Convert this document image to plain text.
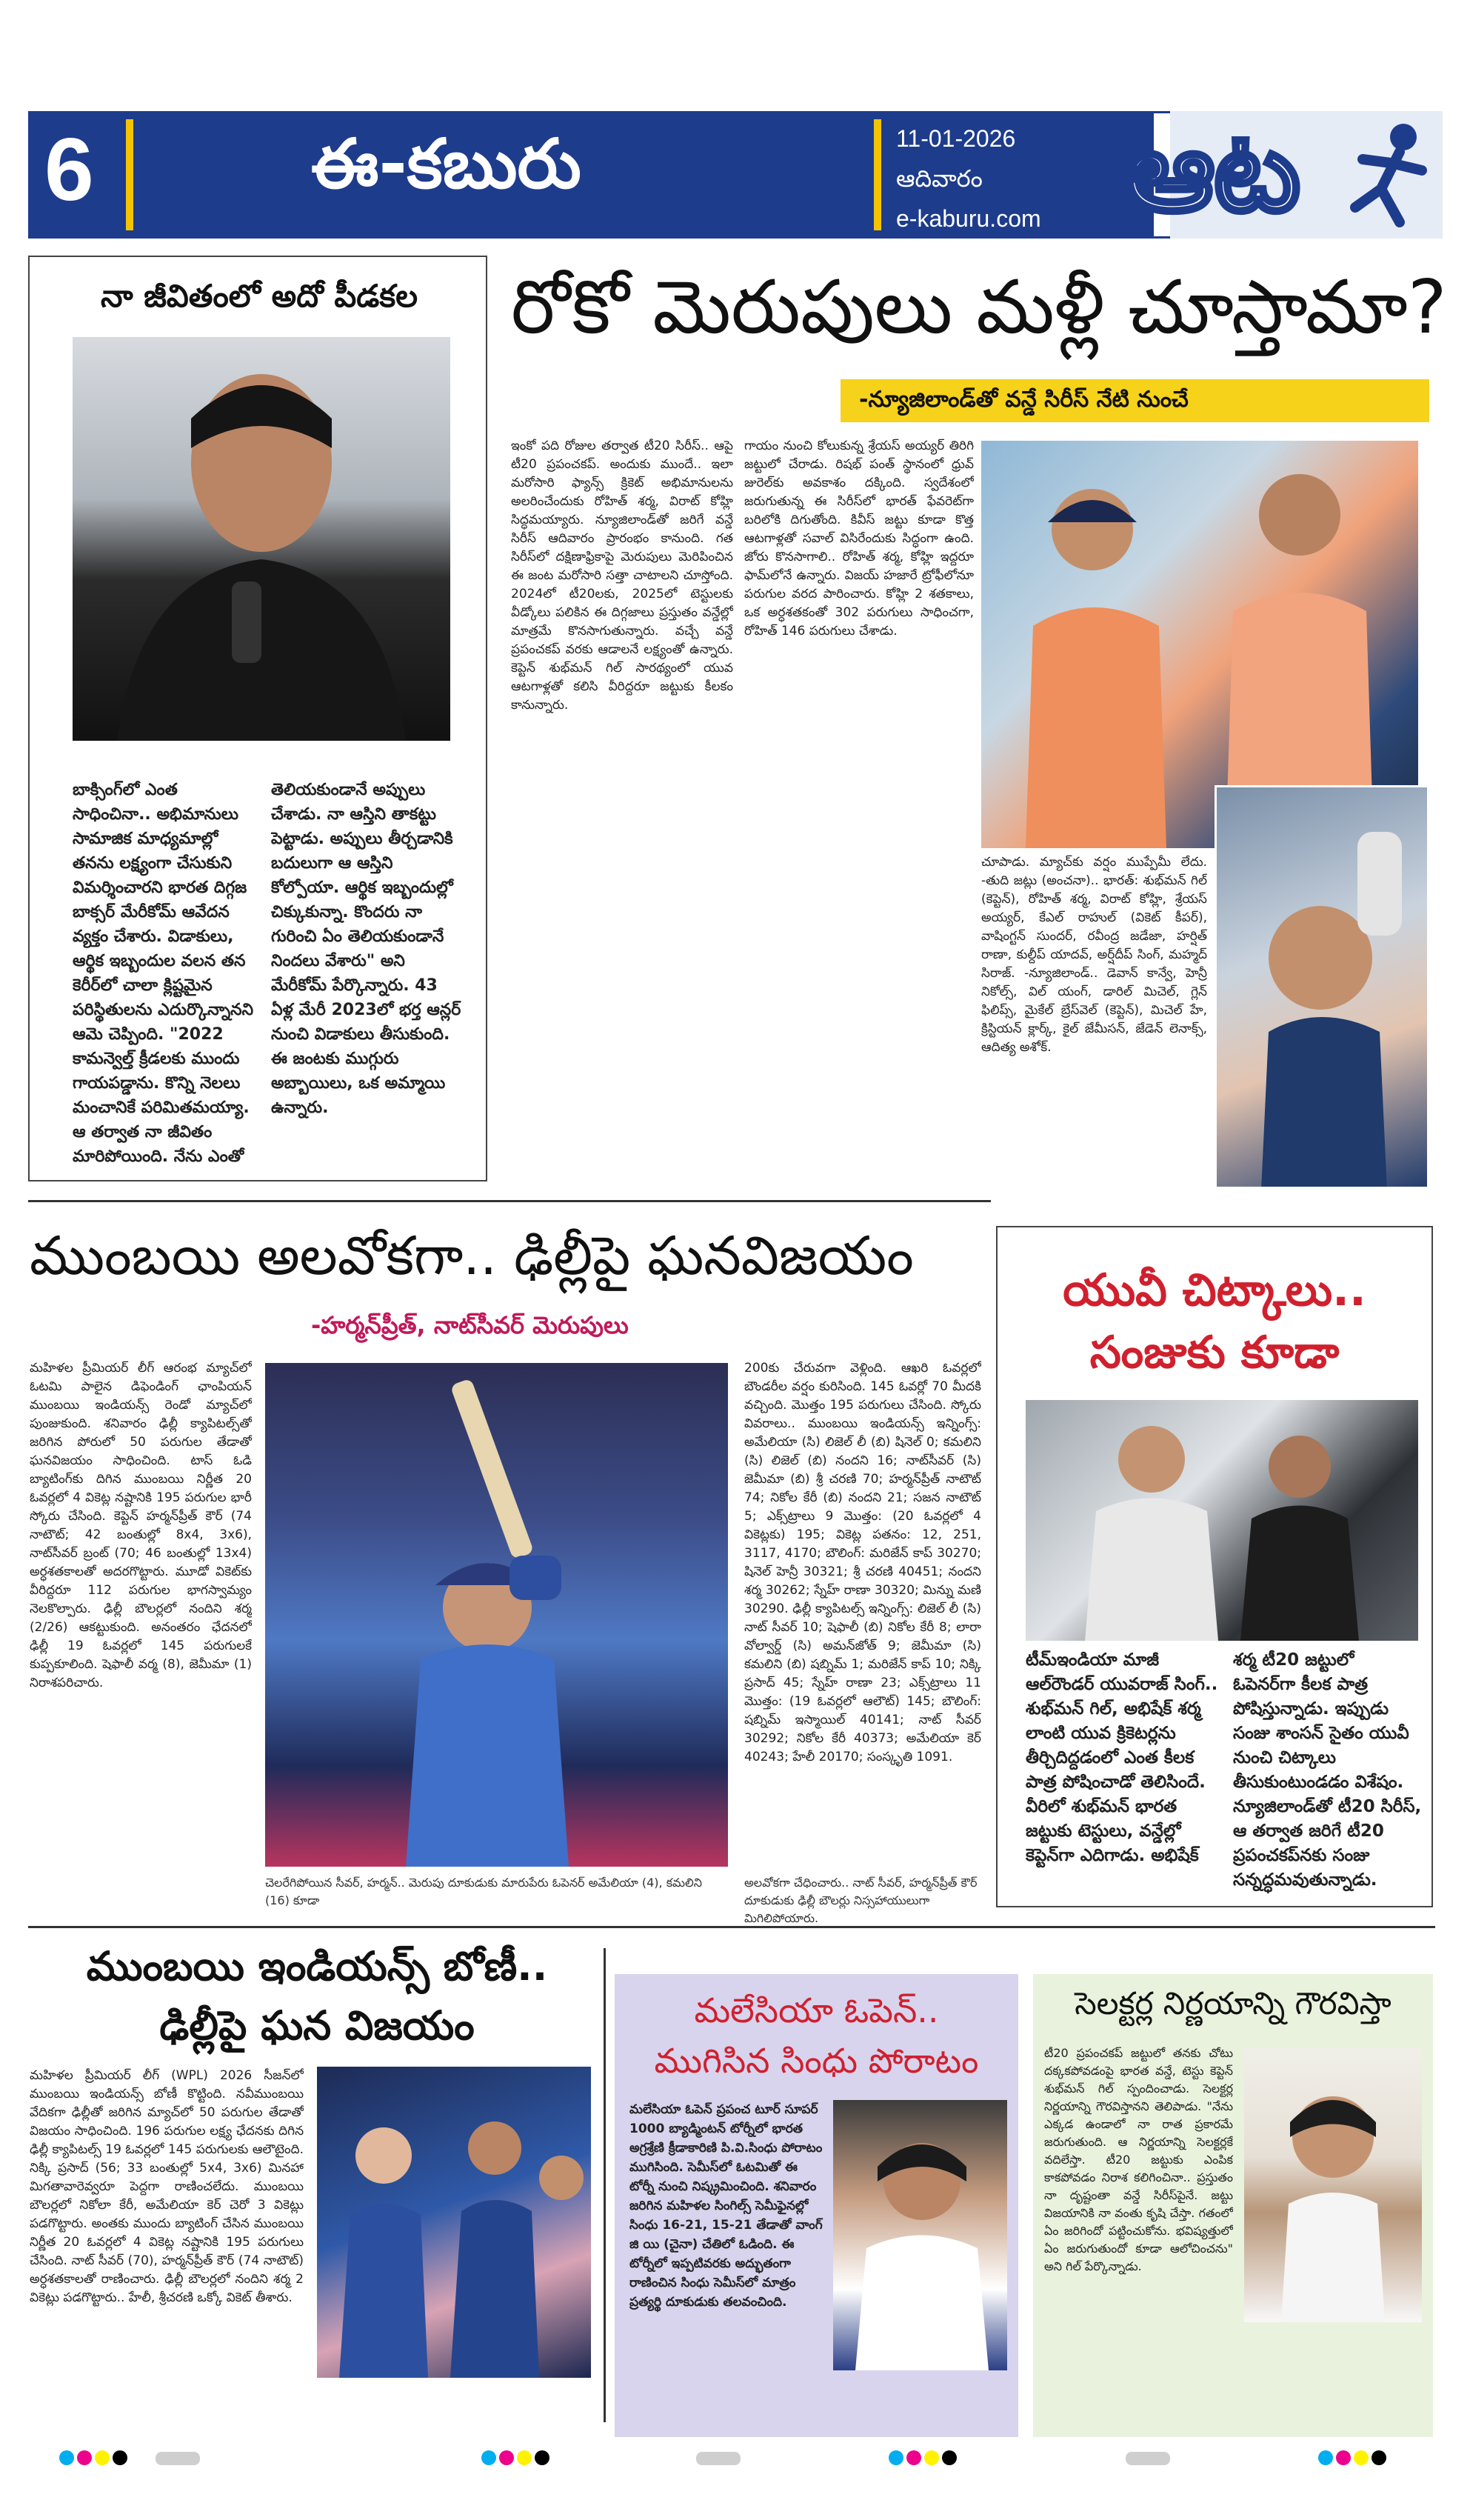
6	ఈ-కబురు	11-01-2026
ఆదివారం
e-kaburu.com ఆట
నా జీవితంలో అదో పీడకల
బాక్సింగ్‌లో ఎంత సాధించినా.. అభిమానులు సామాజిక మాధ్యమాల్లో తనను లక్ష్యంగా చేసుకుని విమర్శించారని భారత దిగ్గజ బాక్సర్ మేరీకోమ్ ఆవేదన వ్యక్తం చేశారు. విడాకులు, ఆర్థిక ఇబ్బందుల వలన తన కెరీర్‌లో చాలా క్లిష్టమైన పరిస్థితులను ఎదుర్కొన్నానని ఆమె చెప్పింది. "2022 కామన్వెల్త్ క్రీడలకు ముందు గాయపడ్డాను. కొన్ని నెలలు మంచానికే పరిమితమయ్యా. ఆ తర్వాత నా జీవితం మారిపోయింది. నేను ఎంతో
తెలియకుండానే అప్పులు చేశాడు. నా ఆస్తిని తాకట్టు పెట్టాడు. అప్పులు తీర్చడానికి బదులుగా ఆ ఆస్తిని కోల్పోయా. ఆర్థిక ఇబ్బందుల్లో చిక్కుకున్నా. కొందరు నా గురించి ఏం తెలియకుండానే నిందలు వేశారు" అని మేరీకోమ్ పేర్కొన్నారు. 43 ఏళ్ల మేరీ 2023లో భర్త ఆన్లర్ నుంచి విడాకులు తీసుకుంది. ఈ జంటకు ముగ్గురు అబ్బాయిలు, ఒక అమ్మాయి ఉన్నారు.
రోకో మెరుపులు మళ్లీ చూస్తామా?
-న్యూజిలాండ్‌తో వన్డే సిరీస్ నేటి నుంచే
ఇంకో పది రోజుల తర్వాత టీ20 సిరీస్.. ఆపై టీ20 ప్రపంచకప్. అందుకు ముందే.. ఇలా మరోసారి ఫ్యాన్స్ క్రికెట్ అభిమానులను అలరించేందుకు రోహిత్ శర్మ, విరాట్ కోహ్లి సిద్ధమయ్యారు. న్యూజిలాండ్‌తో జరిగే వన్డే సిరీస్ ఆదివారం ప్రారంభం కానుంది. గత సిరీస్‌లో దక్షిణాఫ్రికాపై మెరుపులు మెరిపించిన ఈ జంట మరోసారి సత్తా చాటాలని చూస్తోంది. 2024లో టీ20లకు, 2025లో టెస్టులకు వీడ్కోలు పలికిన ఈ దిగ్గజాలు ప్రస్తుతం వన్డేల్లో మాత్రమే కొనసాగుతున్నారు. వచ్చే వన్డే ప్రపంచకప్ వరకు ఆడాలనే లక్ష్యంతో ఉన్నారు. కెప్టెన్ శుభ్‌మన్ గిల్ సారథ్యంలో యువ ఆటగాళ్లతో కలిసి వీరిద్దరూ జట్టుకు కీలకం కానున్నారు.
గాయం నుంచి కోలుకున్న శ్రేయస్ అయ్యర్ తిరిగి జట్టులో చేరాడు. రిషభ్ పంత్ స్థానంలో ధ్రువ్ జురెల్‌కు అవకాశం దక్కింది. స్వదేశంలో జరుగుతున్న ఈ సిరీస్‌లో భారత్ ఫేవరెట్‌గా బరిలోకి దిగుతోంది. కివీస్ జట్టు కూడా కొత్త ఆటగాళ్లతో సవాల్ విసిరేందుకు సిద్ధంగా ఉంది. జోరు కొనసాగాలి.. రోహిత్ శర్మ, కోహ్లి ఇద్దరూ ఫామ్‌లోనే ఉన్నారు. విజయ్ హజారే ట్రోఫీలోనూ పరుగుల వరద పారించారు. కోహ్లి 2 శతకాలు, ఒక అర్ధశతకంతో 302 పరుగులు సాధించగా, రోహిత్ 146 పరుగులు చేశాడు.
చూపాడు. మ్యాచ్‌కు వర్షం ముప్పేమీ లేదు. -తుది జట్లు (అంచనా).. భారత్: శుభ్‌మన్ గిల్ (కెప్టెన్), రోహిత్ శర్మ, విరాట్ కోహ్లి, శ్రేయస్ అయ్యర్, కేఎల్ రాహుల్ (వికెట్ కీపర్), వాషింగ్టన్ సుందర్, రవీంద్ర జడేజా, హర్షిత్ రాణా, కుల్దీప్ యాదవ్, అర్ష్‌దీప్ సింగ్, మహ్మద్ సిరాజ్. -న్యూజిలాండ్.. డెవాన్ కాన్వే, హెన్రీ నికోల్స్, విల్ యంగ్, డారిల్ మిచెల్, గ్లెన్ ఫిలిప్స్, మైకేల్ బ్రేస్‌వెల్ (కెప్టెన్), మిచెల్ హే, క్రిస్టియన్ క్లార్క్, కైల్ జేమీసన్, జేడెన్ లెనాక్స్, ఆదిత్య అశోక్.
ముంబయి అలవోకగా.. ఢిల్లీపై ఘనవిజయం
-హర్మన్‌ప్రీత్, నాట్‌సీవర్ మెరుపులు
మహిళల ప్రీమియర్ లీగ్ ఆరంభ మ్యాచ్‌లో ఓటమి పాలైన డిఫెండింగ్ ఛాంపియన్ ముంబయి ఇండియన్స్ రెండో మ్యాచ్‌లో పుంజుకుంది. శనివారం ఢిల్లీ క్యాపిటల్స్‌తో జరిగిన పోరులో 50 పరుగుల తేడాతో ఘనవిజయం సాధించింది. టాస్ ఓడి బ్యాటింగ్‌కు దిగిన ముంబయి నిర్ణీత 20 ఓవర్లలో 4 వికెట్ల నష్టానికి 195 పరుగుల భారీ స్కోరు చేసింది. కెప్టెన్ హర్మన్‌ప్రీత్ కౌర్ (74 నాటౌట్; 42 బంతుల్లో 8x4, 3x6), నాట్‌సీవర్ బ్రంట్ (70; 46 బంతుల్లో 13x4) అర్ధశతకాలతో అదరగొట్టారు. మూడో వికెట్‌కు వీరిద్దరూ 112 పరుగుల భాగస్వామ్యం నెలకొల్పారు. ఢిల్లీ బౌలర్లలో నందిని శర్మ (2/26) ఆకట్టుకుంది. అనంతరం ఛేదనలో ఢిల్లీ 19 ఓవర్లలో 145 పరుగులకే కుప్పకూలింది. షెఫాలీ వర్మ (8), జెమీమా (1) నిరాశపరిచారు.
చెలరేగిపోయిన సీవర్, హర్మన్.. మెరుపు దూకుడుకు మారుపేరు ఓపెనర్ అమేలియా (4), కమలిని (16) కూడా
200కు చేరువగా వెళ్లింది. ఆఖరి ఓవర్లలో బౌండరీల వర్షం కురిసింది. 145 ఓవర్లో 70 మీదకి వచ్చింది. మొత్తం 195 పరుగులు చేసింది. స్కోరు వివరాలు.. ముంబయి ఇండియన్స్ ఇన్నింగ్స్: అమేలియా (సి) లిజెల్ లీ (బి) షినెల్ 0; కమలిని (సి) లిజెల్ (బి) నందని 16; నాట్‌సీవర్ (సి) జెమీమా (బి) శ్రీ చరణి 70; హర్మన్‌ప్రీత్ నాటౌట్ 74; నికోల కేరీ (బి) నందని 21; సజన నాటౌట్ 5; ఎక్స్‌ట్రాలు 9 మొత్తం: (20 ఓవర్లలో 4 వికెట్లకు) 195; వికెట్ల పతనం: 12, 251, 3117, 4170; బౌలింగ్: మరిజేన్ కాప్ 30270; షినెల్ హెన్రీ 30321; శ్రీ చరణి 40451; నందని శర్మ 30262; స్నేహ్ రాణా 30320; మిన్ను మణి 30290. ఢిల్లీ క్యాపిటల్స్ ఇన్నింగ్స్: లిజెల్ లీ (సి) నాట్ సీవర్ 10; షెఫాలీ (బి) నికోల కేరీ 8; లారా వోల్వార్డ్ (సి) అమన్‌జోత్ 9; జెమీమా (సి) కమలిని (బి) షబ్నిమ్ 1; మరిజేన్ కాప్ 10; నిక్కి ప్రసాద్ 45; స్నేహ్ రాణా 23; ఎక్స్‌ట్రాలు 11 మొత్తం: (19 ఓవర్లలో ఆలౌట్) 145; బౌలింగ్: షబ్నిమ్ ఇస్మాయిల్ 40141; నాట్ సీవర్ 30292; నికోల కేరీ 40373; అమేలియా కెర్ 40243; హేలీ 20170; సంస్కృతి 1091.
అలవోకగా చేధించారు.. నాట్ సీవర్, హర్మన్‌ప్రీత్ కౌర్ దూకుడుకు ఢిల్లీ బౌలర్లు నిస్సహాయులుగా మిగిలిపోయారు.
యువీ చిట్కాలు..
సంజుకు కూడా
టీమ్‌ఇండియా మాజీ ఆల్‌రౌండర్ యువరాజ్ సింగ్.. శుభ్‌మన్ గిల్, అభిషేక్ శర్మ లాంటి యువ క్రికెటర్లను తీర్చిదిద్దడంలో ఎంత కీలక పాత్ర పోషించాడో తెలిసిందే. వీరిలో శుభ్‌మన్ భారత జట్టుకు టెస్టులు, వన్డేల్లో కెప్టెన్‌గా ఎదిగాడు. అభిషేక్
శర్మ టీ20 జట్టులో ఓపెనర్‌గా కీలక పాత్ర పోషిస్తున్నాడు. ఇప్పుడు సంజు శాంసన్ సైతం యువీ నుంచి చిట్కాలు తీసుకుంటుండడం విశేషం. న్యూజిలాండ్‌తో టీ20 సిరీస్, ఆ తర్వాత జరిగే టీ20 ప్రపంచకప్‌నకు సంజు సన్నద్ధమవుతున్నాడు.
ముంబయి ఇండియన్స్ బోణీ..
ఢిల్లీపై ఘన విజయం
మహిళల ప్రీమియర్ లీగ్ (WPL) 2026 సీజన్‌లో ముంబయి ఇండియన్స్ బోణీ కొట్టింది. నవీముంబయి వేదికగా ఢిల్లీతో జరిగిన మ్యాచ్‌లో 50 పరుగుల తేడాతో విజయం సాధించింది. 196 పరుగుల లక్ష్య ఛేదనకు దిగిన ఢిల్లీ క్యాపిటల్స్ 19 ఓవర్లలో 145 పరుగులకు ఆలౌటైంది. నిక్కి ప్రసాద్ (56; 33 బంతుల్లో 5x4, 3x6) మినహా మిగతావారెవ్వరూ పెద్దగా రాణించలేదు. ముంబయి బౌలర్లలో నికోలా కేరీ, అమేలియా కెర్ చెరో 3 వికెట్లు పడగొట్టారు. అంతకు ముందు బ్యాటింగ్ చేసిన ముంబయి నిర్ణీత 20 ఓవర్లలో 4 వికెట్ల నష్టానికి 195 పరుగులు చేసింది. నాట్ సీవర్ (70), హర్మన్‌ప్రీత్ కౌర్ (74 నాటౌట్) అర్ధశతకాలతో రాణించారు. ఢిల్లీ బౌలర్లలో నందిని శర్మ 2 వికెట్లు పడగొట్టారు.. హేలీ, శ్రీచరణి ఒక్కో వికెట్ తీశారు.
మలేసియా ఓపెన్..
ముగిసిన సింధు పోరాటం
మలేసియా ఓపెన్ ప్రపంచ టూర్ సూపర్ 1000 బ్యాడ్మింటన్ టోర్నీలో భారత అగ్రశ్రేణి క్రీడాకారిణి పి.వి.సింధు పోరాటం ముగిసింది. సెమీస్‌లో ఓటమితో ఈ టోర్నీ నుంచి నిష్క్రమించింది. శనివారం జరిగిన మహిళల సింగిల్స్ సెమీఫైనల్లో సింధు 16-21, 15-21 తేడాతో వాంగ్ జి యి (చైనా) చేతిలో ఓడింది. ఈ టోర్నీలో ఇప్పటివరకు అద్భుతంగా రాణించిన సింధు సెమీస్‌లో మాత్రం ప్రత్యర్థి దూకుడుకు తలవంచింది.
సెలక్టర్ల నిర్ణయాన్ని గౌరవిస్తా
టీ20 ప్రపంచకప్ జట్టులో తనకు చోటు దక్కకపోవడంపై భారత వన్డే, టెస్టు కెప్టెన్ శుభ్‌మన్ గిల్ స్పందించాడు. సెలక్టర్ల నిర్ణయాన్ని గౌరవిస్తానని తెలిపాడు. "నేను ఎక్కడ ఉండాలో నా రాత ప్రకారమే జరుగుతుంది. ఆ నిర్ణయాన్ని సెలక్టర్లకే వదిలేస్తా. టీ20 జట్టుకు ఎంపిక కాకపోవడం నిరాశ కలిగించినా.. ప్రస్తుతం నా దృష్టంతా వన్డే సిరీస్‌పైనే. జట్టు విజయానికి నా వంతు కృషి చేస్తా. గతంలో ఏం జరిగిందో పట్టించుకోను. భవిష్యత్తులో ఏం జరుగుతుందో కూడా ఆలోచించను" అని గిల్ పేర్కొన్నాడు.
